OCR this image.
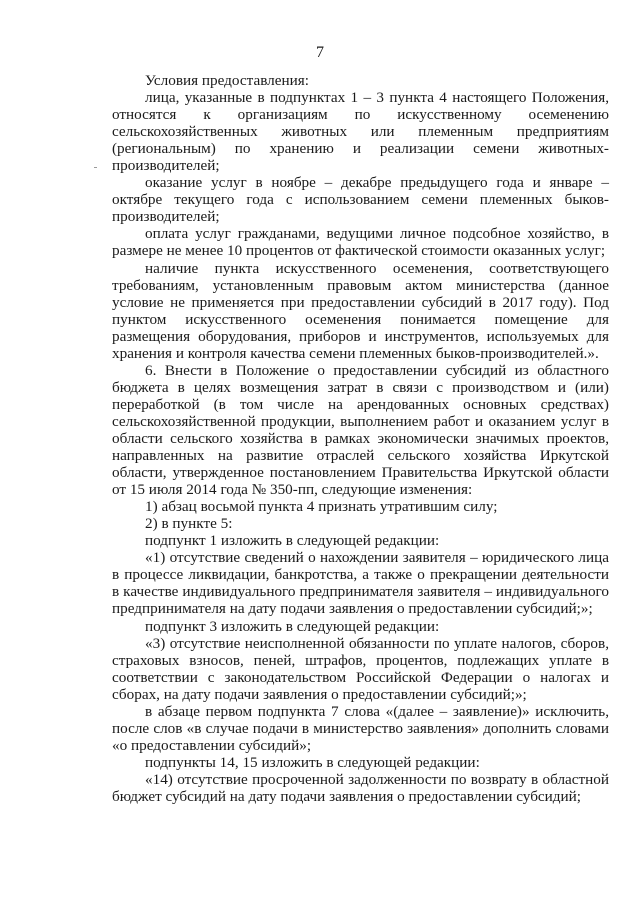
7

Условия предоставления:

лица, указанные в подпунктах 1 – 3 пункта 4 настоящего Положения, относятся к организациям по искусственному осеменению сельскохозяйственных животных или племенным предприятиям (региональным) по хранению и реализации семени животных-производителей;

оказание услуг в ноябре – декабре предыдущего года и январе – октябре текущего года с использованием семени племенных быков-производителей;

оплата услуг гражданами, ведущими личное подсобное хозяйство, в размере не менее 10 процентов от фактической стоимости оказанных услуг;

наличие пункта искусственного осеменения, соответствующего требованиям, установленным правовым актом министерства (данное условие не применяется при предоставлении субсидий в 2017 году). Под пунктом искусственного осеменения понимается помещение для размещения оборудования, приборов и инструментов, используемых для хранения и контроля качества семени племенных быков-производителей.».

6. Внести в Положение о предоставлении субсидий из областного бюджета в целях возмещения затрат в связи с производством и (или) переработкой (в том числе на арендованных основных средствах) сельскохозяйственной продукции, выполнением работ и оказанием услуг в области сельского хозяйства в рамках экономически значимых проектов, направленных на развитие отраслей сельского хозяйства Иркутской области, утвержденное постановлением Правительства Иркутской области от 15 июля 2014 года № 350-пп, следующие изменения:

1) абзац восьмой пункта 4 признать утратившим силу;

2) в пункте 5:

подпункт 1 изложить в следующей редакции:

«1) отсутствие сведений о нахождении заявителя – юридического лица в процессе ликвидации, банкротства, а также о прекращении деятельности в качестве индивидуального предпринимателя заявителя – индивидуального предпринимателя на дату подачи заявления о предоставлении субсидий;»;

подпункт 3 изложить в следующей редакции:

«3) отсутствие неисполненной обязанности по уплате налогов, сборов, страховых взносов, пеней, штрафов, процентов, подлежащих уплате в соответствии с законодательством Российской Федерации о налогах и сборах, на дату подачи заявления о предоставлении субсидий;»;

в абзаце первом подпункта 7 слова «(далее – заявление)» исключить, после слов «в случае подачи в министерство заявления» дополнить словами «о предоставлении субсидий»;

подпункты 14, 15 изложить в следующей редакции:

«14) отсутствие просроченной задолженности по возврату в областной бюджет субсидий на дату подачи заявления о предоставлении субсидий;
